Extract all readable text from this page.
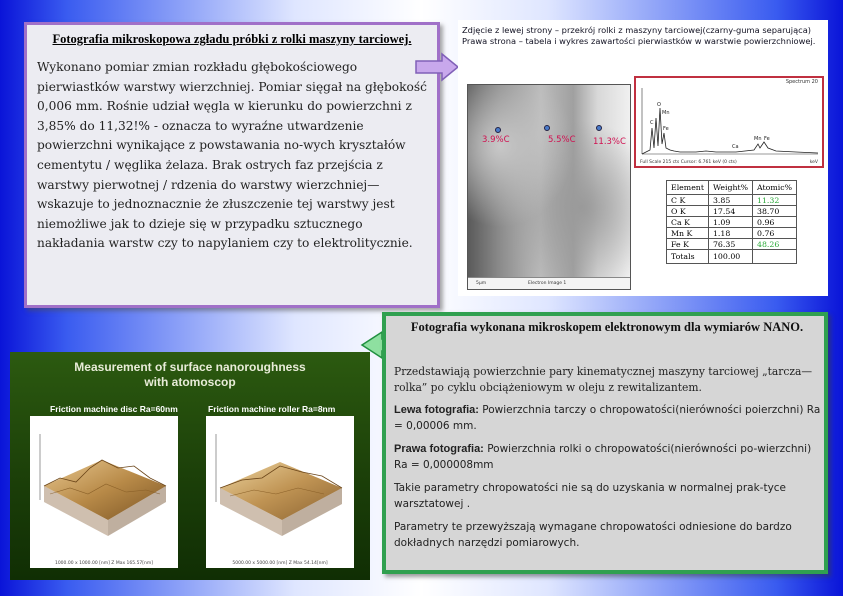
Fotografia mikroskopowa zgładu próbki z rolki maszyny tarciowej.

Wykonano pomiar zmian rozkładu głębokościowego pierwiastków warstwy wierzchniej. Pomiar sięgał na głębokość 0,006 mm. Rośnie udział węgla w kierunku do powierzchni z 3,85% do 11,32!% - oznacza to wyraźne utwardzenie powierzchni wynikające z powstawania no-wych kryształów cementytu / węglika żelaza. Brak ostrych faz przejścia z warstwy pierwotnej / rdzenia do warstwy wierzchniej—wskazuje to jednoznacznie że złuszczenie tej warstwy jest niemożliwe jak to dzieje się w przypadku sztucznego nakładania warstw czy to napylaniem czy to elektrolitycznie.

Zdjęcie z lewej strony – przekrój rolki z maszyny tarciowej(czarny-guma separująca)
Prawa strona – tabela i wykres zawartości pierwiastków w warstwie powierzchniowej.
3.9%C	5.5%C 11.3%C
5µm	Electron Image 1
C
O
Mn
Fe
Ca
Mn Fe
Spectrum 20
Full Scale 215 cts Cursor: 6.761 keV (0 cts)	keV
Element	Weight%	Atomic%
C K	3.85	11.32
O K	17.54	38.70
Ca K	1.09	0.96
Mn K	1.18	0.76
Fe K	76.35	48.26
Totals	100.00	
Measurement of surface nanoroughness
with atomoscop
Friction machine disc Ra=60nm	Friction machine roller Ra=8nm
1000.00 x 1000.00 [nm] Z Max 165.57[nm]	5000.00 x 5000.00 [nm] Z Max 54.14[nm]
Fotografia wykonana mikroskopem elektronowym dla wymiarów NANO.

Przedstawiają powierzchnie pary kinematycznej maszyny tarciowej „tarcza—rolka” po cyklu obciążeniowym w oleju z rewitalizantem.

Lewa fotografia: Powierzchnia tarczy o chropowatości(nierówności poierzchni) Ra = 0,00006 mm.

Prawa fotografia: Powierzchnia rolki o chropowatości(nierówności po-wierzchni) Ra = 0,000008mm

Takie parametry chropowatości nie są do uzyskania w normalnej prak-tyce warsztatowej .

Parametry te przewyższają wymagane chropowatości odniesione do bardzo dokładnych narzędzi pomiarowych.
